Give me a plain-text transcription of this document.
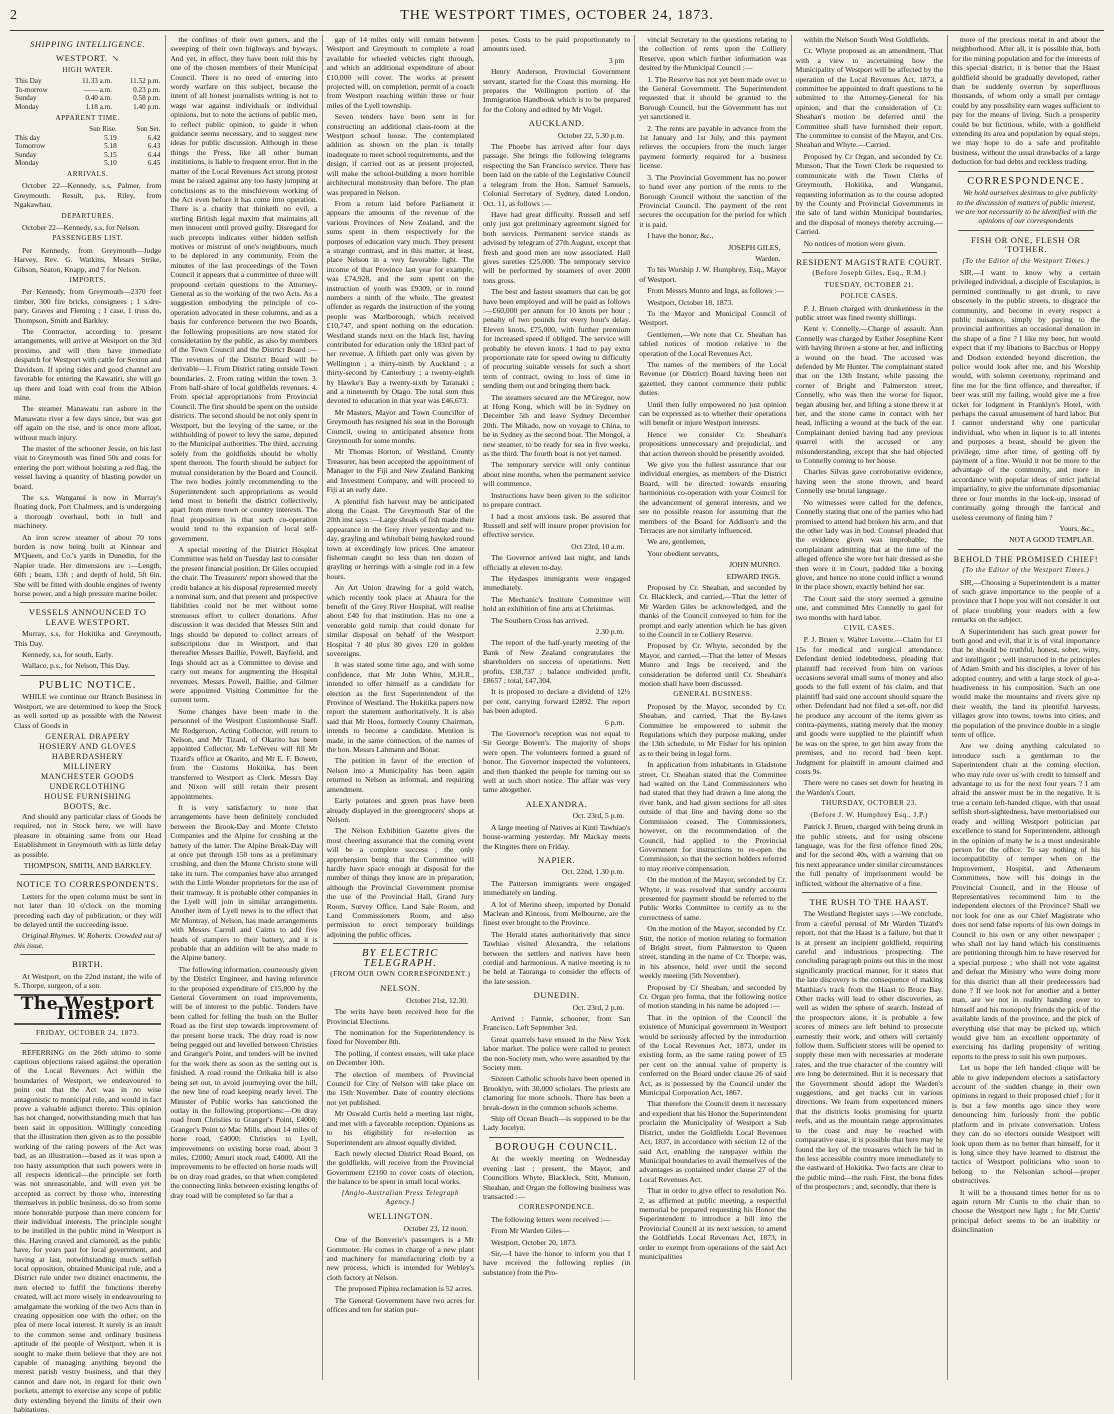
2	THE WESTPORT TIMES, OCTOBER 24, 1873.
SHIPPING INTELLIGENCE.
WESTPORT. ↘
HIGH WATER.
This Day	11.33 a.m.	11.52 p.m.
To-morrow	—— a.m.	0.23 p.m.
Sunday	0.40 a.m.	0.58 p.m.
Monday	1.18 a.m.	1.40 p.m.
APPARENT TIME.
	Sun Rise.	Sun Set.
This day	5.19	6.42
Tomorrow	5.18	6.43
Sunday	5.15	6.44
Monday	5.10	6.45
ARRIVALS.

October 22—Kennedy, s.s, Palmer, from Greymouth. Result, p.s, Riley, from Ngakawhau.

DEPARTURES.

October 22—Kennedy, s.s, for Nelson.

PASSENGERS LIST.

Per Kennedy, from Greymouth—Judge Harvey, Rev. G. Watkins, Messrs Strike, Gibson, Seaton, Knapp, and 7 for Nelson.

IMPORTS.

Per Kennedy, from Greymouth—2370 feet timber, 300 fire bricks, consignees ; 1 s.dre-pary, Graves and Fleming ; 1 case, 1 truss do, Thompson, Smith and Barkley.

The Contractor, according to present arrangements, will arrive at Westport on the 3rd proximo, and will then have immediate despatch for Westport with cattle for Sexton and Davidson. If spring tides and good channel are favorable for entering the Kawatiri, she will go up there and load with coal from the Albion mine.

The steamer Manawatu ran ashore in the Manawatu river a few days since, but was got off again on the rise, and is once more afloat, without much injury.

The master of the schooner Jessie, on his last visit to Greymouth was fined 50s and costs for entering the port without hoisting a red flag, the vessel having a quantity of blasting powder on board.

The s.s. Wanganui is now in Murray's floating dock, Port Chalmers, and is undergoing a thorough overhaul, both in hull and machinery.

An iron screw steamer of about 70 tons burden is now being built at Kinnear and M'Queen, and Co.'s yards in Dunedin, for the Napier trade. Her dimensions are :—Length, 60ft ; beam, 13ft ; and depth of hold, 5ft 6in. She will be fitted with double engines of twenty horse power, and a high pressure marine boiler.

VESSELS ANNOUNCED TO LEAVE WESTPORT.

Murray, s.s, for Hokitika and Greymouth, This Day.

Kennedy, s.s, for south, Early.

Wallace, p.s., for Nelson, This Day.

PUBLIC NOTICE.

WHILE we continue our Branch Business in Westport, we are determined to keep the Stock as well sorted up as possible with the Newest Class of Goods in

GENERAL DRAPERY
HOSIERY AND GLOVES
HABERDASHERY
MILLINERY
MANCHESTER GOODS
UNDERCLOTHING
HOUSE FURNISHING
BOOTS, &c.

And should any particular class of Goods be required, not in Stock here, we will have pleasure in obtaining same from our Head Establishment in Greymouth with as little delay as possible.

THOMPSON, SMITH, AND BARKLEY.
NOTICE TO CORRESPONDENTS.

Letters for the open column must be sent in not later than 10 o'clock on the morning preceding each day of publication, or they will be delayed until the succeeding issue.

Original Rhymes. W. Roberts. Crowded out of this issue.

BIRTH.

At Westport, on the 22nd instant, the wife of S. Thorpe, surgeon, of a son.

The Westport Times.
FRIDAY, OCTOBER 24, 1873.

REFERRING on the 26th ultimo to some captious objections raised against the operation of the Local Revenues Act within the boundaries of Westport, we endeavoured to point out that the Act was in no wise antagonistic to municipal rule, and would in fact prove a valuable adjunct thereto. This opinion has not changed, notwithstanding much that has been said in opposition. Willingly conceding that the illustration then given as to the possible working of the rating powers of the Act was bad, as an illustration—based as it was upon a too hasty assumption that such powers were in all respects identical—the principle set forth was not unreasonable, and will even yet be accepted as correct by those who, interesting themselves in public business, do so from some more honorable purpose than mere concern for their individual interests. The principle sought to be instilled in the public mind in Westport is this. Having craved and clamored, as the public have, for years past for local government, and having at last, notwithstanding much selfish local opposition, obtained Municipal rule, and a District rule under two distinct enactments, the men elected to fulfil the functions thereby created, will act more wisely in endeavouring to amalgamate the working of the two Acts than in creating opposition one with the other, on the plea of mere local interest. It surely is an insult to the common sense and ordinary business aptitude of the people of Westport, when it is sought to make them believe that they are not capable of managing anything beyond the merest parish vestry business, and that they cannot and dare not, in regard for their own pockets, attempt to exercise any scope of public duty extending beyond the limits of their own habitations.

the confines of their own gutters, and the sweeping of their own highways and byways. And yet, in effect, they have been told this by one of the chosen members of their Municipal Council. There is no need of entering into wordy warfare on this subject, because the intent of all honest journalists writing is not to wage war against individuals or individual opinions, but to note the actions of public men, to reflect public opinion, to guide it when guidance seems necessary, and to suggest new ideas for public discussion. Although in these things the Press, like all other human institutions, is liable to frequent error. But in the matter of the Local Revenues Act strong protest must be raised against any too hasty jumping at conclusions as to the mischievous working of the Act even before it has come into operation. There is a charity that thinketh no evil, a sterling British legal maxim that maintains all men innocent until proved guilty. Disregard for such precepts indicates either hidden selfish motives or mistrust of one's neighbours, much to be deplored in any community. From the minutes of the last proceedings of the Town Council it appears that a committee of three will propound certain questions to the Attorney-General as to the working of the two Acts. As a suggestion embodying the principle of co-operation advocated in these columns, and as a basis for conference between the two Boards, the following propositions are now stated for consideration by the public, as also by members of the Town Council and the District Board :—The revenues of the District Board will be derivable—1. From District rating outside Town boundaries. 2. From rating within the town. 3. From half-share of local goldfields revenues. 4. From special appropriations from Provincial Council. The first should be spent on the outside districts. The second should be not only spent in Westport, but the levying of the same, or the withholding of power to levy the same, deputed to the Municipal authorities. The third, accruing solely from the goldfields should be wholly spent thereon. The fourth should be subject for mutual consideration by the Board and Council. The two bodies jointly recommending to the Superintendent such appropriations as would tend most to benefit the district collectively, apart from mere town or country interests. The final proposition is that such co-operation would tend to the expansion of local self-government.

A special meeting of the District Hospital Committee was held on Tuesday last to consider the present financial position. Dr Giles occupied the chair. The Treasurers' report showed that the credit balance at his disposal represented merely a nominal sum, and that present and prospective liabilities could not be met without some strenuous effort to collect donations. After discussion it was decided that Messrs Stitt and Ings should be deputed to collect arrears of subscriptions due in Westport, and that thereafter Messrs Baillie, Powell, Bayfield, and Ings should act as a Committee to devise and carry out means for augmenting the Hospital revenues. Messrs Powell, Baillie, and Gilmer were appointed Visiting Committee for the current term.

Some changes have been made in the personnel of the Westport Customhouse Staff. Mr Rodgerson, Acting Collector, will return to Nelson, and Mr Tizard, of Okarito has been appointed Collector, Mr LeNeveu will fill Mr Tizard's office at Okarito, and Mr E. F. Bowen, from the Customs Hokitika, has been transferred to Westport as Clerk. Messrs Day and Nixon will still retain their present appointments.

It is very satisfactory to note that arrangements have been definitely concluded between the Brook-Day and Monte Christo Companies and the Alpine for crushing at the battery of the latter. The Alpine Break-Day will at once put through 150 tons as a preliminary crushing, and then the Monte Christo stone will take its turn. The companies have also arranged with the Little Wonder proprietors for the use of their tramway. It is probable other companies in the Lyell will join in similar arrangements. Another item of Lyell news is to the effect that Mr Montray, of Nelson, has made arrangements with Messrs Carroll and Cairns to add five heads of stampers to their battery, and it is probable that an addition will be also made to the Alpine battery.

The following information, courteously given by the District Engineer, and having reference to the proposed expenditure of £15,000 by the General Government on road improvements, will be of interest to the public. Tenders have been called for felling the bush on the Buller Road as the first step towards improvement of the present horse track. The dray road is now being pegged out and levelled between Christies and Granger's Point, and tenders will be invited for the work there as soon as the setting out is finished. A road round the Orikaka hill is also being set out, to avoid journeying over the hill, the new line of road keeping nearly level. The Minister of Public works has sanctioned the outlay in the following proportions:—On dray road from Christies to Granger's Point, £4000; Granger's Point to Mac Mills, about 14 miles of horse road, £4000; Christies to Lyell, improvements on existing horse road, about 3 miles, £2000; Amuri stock road, £4000. All the improvements to be effected on horse roads will be on dray road grades, so that when completed the connecting links between existing lengths of dray road will be completed so far that a

gap of 14 miles only will remain between Westport and Greymouth to complete a road available for wheeled vehicles right through, and which an additional expenditure of about £10,000 will cover. The works at present projected will, on completion, permit of a coach from Westport reaching within three or four miles of the Lyell township.

Seven tenders have been sent in for constructing an additional class-room at the Westport school house. The contemplated addition as shown on the plan is totally inadequate to meet school requirements, and the design, if carried out as at present projected, will make the school-building a more horrible architectural monstrosity than before. The plan was prepared in Nelson.

From a return laid before Parliament it appears the amounts of the revenue of the various Provinces of New Zealand, and the sums spent in them respectively for the purposes of education vary much. They present a strange contrast, and in this matter, at least, place Nelson in a very favorable light. The income of that Province last year for example, was £74,928, and the sum spent on the instruction of youth was £9309, or in round numbers a ninth of the whole. The greatest offender as regards the instruction of the young people was Marlborough, which received £10,747, and spent nothing on the education. Westland stands next on the black list, having contributed for education only the 183rd part of her revenue. A fiftieth part only was given by Wellington ; a thirty-ninth by Auckland ; a thirty-second by Canterbury ; a twenty-eighth by Hawke's Bay a twenty-sixth by Taranaki ; and a nineteenth by Otago. The total sum thus devoted to education in that year was £46,673.

Mr Masters, Mayor and Town Councillor of Greymouth has resigned his seat in the Borough Council, owing to anticipated absence from Greymouth for some months.

Mr Thomas Horton, of Westland, County Treasurer, has been accepted the appointment of Manager to the Fiji and New Zealand Banking and Investment Company, and will proceed to Fiji at an early date.

A plentiful fish harvest may be anticipated along the Coast. The Greymouth Star of the 20th inst says :—Large shoals of fish made their appearance in the Grey river yesterday and to-day, grayling and whitebait being hawked round town at exceedingly low prices. One amateur fisherman caught no less than ten dozen of grayling or herrings with a single rod in a few hours.

An Art Union drawing for a gold watch, which recently took place at Ahaura for the benefit of the Grey River Hospital, will realise about £40 for that institution. Has no one a venerable gold turnip that could donate for similar disposal on behalf of the Westport Hospital ? 40 plus 80 gives 120 in golden sovereigns.

It was stated some time ago, and with some confidence, that Mr John White, M.H.R., intended to offer himself as a candidate for election as the first Superintendent of the Province of Westland. The Hokitika papers now report the statement authoritatively. It is also said that Mr Hoos, formerly County Chairman, intends to become a candidate. Mention is made, in the same connection, of the names of the hon. Messrs Lahmann and Bonar.

The petition in favor of the erection of Nelson into a Municipality has been again returned to Nelson as informal, and requiring amendment.

Early potatoes and green peas have been already displayed in the greengrocers' shops at Nelson.

The Nelson Exhibition Gazette gives the most cheering assurance that the coming event will be a complete success ; the only apprehension being that the Committee will hardly have space enough at disposal for the number of things they know are in preparation, although the Provincial Government promise the use of the Provincial Hall, Grand Jury Room, Survey Office, Land Sale Room, and Land Commissioners Room, and also permission to erect temporary buildings adjoining the public offices.

BY ELECTRIC TELEGRAPH.
(FROM OUR OWN CORRESPONDENT.)
NELSON.
October 21st, 12.30.

The writs have been received here for the Provincial Elections.

The nomination for the Superintendency is fixed for November 8th.

The polling, if contest ensues, will take place on December 10th.

The election of members of Provincial Council for City of Nelson will take place on the 15th November. Date of country elections not yet published.

Mr Oswald Curtis held a meeting last night, and met with a favorable reception. Opinions as to his eligibility for re-election as Superintendent are almost equally divided.

Each newly elected District Road Board, on the goldfields, will receive from the Provincial Government £2100 to cover costs of election, the balance to be spent in small local works.

[Anglo-Australian Press Telegraph Agency.]
WELLINGTON.
October 23, 12 noon.

One of the Bonverie's passengers is a Mr Gommoter. He comes in charge of a new plant and machinery for manufacturing cloth by a new process, which is intended for Webley's cloth factory at Nelson.

The proposed Pipitea reclamation is 52 acres.

The General Government have two acres for offices and ten for station pur-

poses. Costs to be paid proportionately to amounts used.

3 pm

Henry Anderson, Provincial Government servant, started for the Coast this morning. He prepares the Wellington portion of the Immigration Handbook which is to be prepared for the Colony and edited by Mr Vogel.

AUCKLAND.
October 22, 5.30 p.m.

The Phoebe has arrived after four days passage. She brings the following telegrams respecting the San Francisco service. There has been laid on the table of the Legislative Council a telegram from the Hon. Samuel Samuels, Colonial Secretary of Sydney, dated London, Oct. 11, as follows :—

Have had great difficulty. Russell and self only just got preliminary agreement signed for both services. Permanent service stands as advised by telegram of 27th August, except that fresh and good men are now associated. Hall gives sureties £25,000. The temporary service will be performed by steamers of over 2000 tons gross.

The best and fastest steamers that can be got have been employed and will be paid as follows :—£60,000 per annum for 10 knots per hour ; penalty of two pounds for every hour's delay. Eleven knots, £75,000, with further premium for increased speed if obliged. The service will probably be eleven knots. I had to pay extra proportionate rate for speed owing to difficulty of procuring suitable vessels for such a short term of contract, owing to loss of time in sending them out and bringing them back.

The steamers secured are the M'Gregor, now at Hong Kong, which will be in Sydney on December 5th and leave Sydney December 20th. The Mikado, now on voyage to China, to be in Sydney as the second boat. The Mongol, a new steamer, to be ready for sea in five weeks, as the third. The fourth boat is not yet named.

The temporary service will only continue about nine months, when the permanent service will commence.

Instructions have been given to the solicitor to prepare contract.

I had a most anxious task. Be assured that Russell and self will insure proper provision for effective service.

Oct 23rd, 10 a.m.

The Governor arrived last night, and lands officially at eleven to-day.

The Hydaspes immigrants were engaged immediately.

The Mechanic's Institute Committee will hold an exhibition of fine arts at Christmas.

The Southern Cross has arrived.

2.30 p.m.

The report of the half-yearly meeting of the Bank of New Zealand congratulates the shareholders on success of operations. Nett profits, £38,737 ; balance undivided profit, £8657 ; total, £47,304.

It is proposed to declare a dividend of 12½ per cent, carrying forward £2892. The report has been adopted.

6 p.m.

The Governor's reception was not equal to Sir George Bowen's. The majority of shops were open. The volunteers formed a guard of honor. The Governor inspected the volunteers, and then thanked the people for turning out so well at such short notice. The affair was very tame altogether.

ALEXANDRA.
Oct. 23rd, 5 p.m.

A large meeting of Natives at Kinti Tawhiao's house-warming yesterday. Mr Mackay meets the Kingites there on Friday.

NAPIER.
Oct. 22nd, 1.30 p.m.

The Patterson immigrants were engaged immediately on landing.

A lot of Merino sheep, imported by Donald Maclean and Kinross, from Melbourne, are the finest ever brought to the Province.

The Herald states authoritatively that since Tawhiao visited Alexandra, the relations between the settlers and natives have been cordial and harmonious. A native meeting is to be held at Tauranga to consider the effects of the late session.

DUNEDIN.
Oct. 23rd, 2 p.m.

Arrived : Fannie, schooner, from San Francisco. Left September 3rd.

Great quarrels have ensued in the New York labor market. The police were called to protect the non-Society men, who were assaulted by the Society men.

Sixteen Catholic schools have been opened in Brooklyn, with 30,000 scholars. The priests are clamoring for more schools. There has been a break-down in the common schools scheme.

Ship off Ocean Beach—is supposed to be the Lady Jocelyn.

BOROUGH COUNCIL.

At the weekly meeting on Wednesday evening last ; present, the Mayor, and Councillors Whyte, Blackleck, Stitt, Munson, Sheahan, and Organ the following business was transacted :—

CORRESPONDENCE.

The following letters were received :—

From Mr Warden Giles—

Westport, October 20, 1873.

Sir,—I have the honor to inform you that I have received the following replies (in substance) from the Pro-

vincial Secretary to the questions relating to the collection of rents upon the Colliery Reserve, upon which further information was desired by the Municipal Council :—

1. The Reserve has not yet been made over to the General Government. The Superintendent requested that it should be granted to the Borough Council, but the Government has not yet sanctioned it.

2. The rents are payable in advance from the 1st January and 1st July, and this payment relieves the occupiers from the much larger payment formerly required for a business license.

3. The Provincial Government has no power to hand over any portion of the rents to the Borough Council without the sanction of the Provincial Council. The payment of the rent secures the occupation for the period for which it is paid.

I have the honor, &c.,

JOSEPH GILES,
Warden.

To his Worship J. W. Humphrey, Esq., Mayor of Westport.

From Messrs Munro and Ings, as follows :—

Westport, October 18, 1873.

To the Mayor and Municipal Council of Westport.

Gentlemen,—We note that Cr. Sheahan has tabled notices of motion relative to the operation of the Local Revenues Act.

The names of the members of the Local Revenue (or District) Board having been not gazetted, they cannot commence their public duties.

Until then fully empowered no just opinion can be expressed as to whether their operations will benefit or injure Westport interests.

Hence we consider Cr. Sheahan's propositions unnecessary and prejudicial, and that action thereon should be presently avoided.

We give you the fullest assurance that our individual energies, as members of the District Board, will be directed towards ensuring harmonious co-operation with your Council for the advancement of general interests, and we see no possible reason for assuming that the members of the Board for Addison's and the Terraces are not similarly influenced.

We are, gentlemen,

Your obedient servants,

JOHN MUNRO.
EDWARD INGS.

Proposed by Cr. Sheahan, and seconded by Cr. Blackleck, and carried,—That the letter of Mr Warden Giles be acknowledged, and the thanks of the Council conveyed to him for the prompt and early attention which he has given to the Council in re Colliery Reserve.

Proposed by Cr. Whyte, seconded by the Mayor, and carried,—That the letter of Messrs Munro and Ings be received, and the consideration be deferred until Cr. Sheahan's motion shall have been discussed.

GENERAL BUSINESS.

Proposed by the Mayor, seconded by Cr. Sheahan, and carried, That the By-laws Committee be empowered to submit the Regulations which they purpose making, under the 13th schedule, to Mr Fisher for his opinion as to their being in legal form.

In application from inhabitants in Gladstone street, Cr. Sheahan stated that the Committee had waited on the Land Commissioners who had stated that they had drawn a line along the river bank, and had given sections for all sites outside of that line and having done so the Commission ceased. The Commissioners, however, on the recommendation of the Council, had applied to the Provincial Government for instructions to re-open the Commission, so that the section holders referred to may receive compensation.

On the motion of the Mayor, seconded by Cr. Whyte, it was resolved that sundry accounts presented for payment should be referred to the Public Works Committee to certify as to the correctness of same.

On the motion of the Mayor, seconded by Cr. Stitt, the notice of motion relating to formation of Bright street, from Palmerston to Queen street, standing in the name of Cr. Thorpe, was, in his absence, held over until the second weekly meeting (5th November).

Proposed by Cr Sheahan, and seconded by Cr. Organ pro forma, that the following notice of motion standing in his name be adopted :—

That in the opinion of the Council the existence of Municipal government in Westport would be seriously affected by the introduction of the Local Revenues Act, 1873, under its existing form, as the same rating power of £5 per cent on the annual value of property is conferred on the Board under clause 26 of said Act, as is possessed by the Council under the Municipal Corporation Act, 1867.

That therefore the Council deem it necessary and expedient that his Honor the Superintendent proclaim the Municipality of Westport a Sub District, under the Goldfields Local Revenues Act, 1837, in accordance with section 12 of the said Act, enabling the ratepayer within the Municipal boundaries to avail themselves of the advantages as contained under clause 27 of the Local Revenues Act.

That in order to give effect to resolution No. 2, as affirmed at public meeting, a respectful memorial be prepared requesting his Honor the Superintendent to introduce a bill into the Provincial Council at its next session, to amend the Goldfields Local Revenues Act, 1873, in order to exempt from operations of the said Act municipalities

within the Nelson South West Goldfields.

Cr. Whyte proposed as an amendment, That with a view to ascertaining how the Municipality of Westport will be affected by the operation of the Local Revenues Act, 1873, a committee be appointed to draft questions to be submitted to the Attorney-General for his opinion, and that the consideration of Cr. Sheahan's motion be deferred until the Committee shall have furnished their report. The committee to consist of the Mayor, and Crs. Sheahan and Whyte.—Carried.

Proposed by Cr Organ, and seconded by Cr. Munson, That the Town Clerk be requested to communicate with the Town Clerks of Greymouth, Hokitika, and Wanganui, requesting information as to the course adopted by the County and Provincial Governments in the sale of land within Municipal boundaries, and the disposal of moneys thereby accruing.—Carried.

No notices of motion were given.

RESIDENT MAGISTRATE COURT.
(Before Joseph Giles, Esq., R.M.)
TUESDAY, OCTOBER 21.
POLICE CASES.

P. J. Bruen charged with drunkenness in the public street was fined twenty shillings.

Kent v. Connelly.—Charge of assault. Ann Connelly was charged by Esther Josephine Kent with having thrown a stone at her, and inflicting a wound on the head. The accused was defended by Mr Hunter. The complainant stated that on the 13th Instant, while passing the corner of Bright and Palmerston street, Connelly, who was then the worse for liquor, began abusing her, and lifting a stone threw it at her, and the stone came in contact with her head, inflicting a wound at the back of the ear. Complainant denied having had any previous quarrel with the accused or any misunderstanding, except that she had objected to Connelly coming to her house.

Charles Silvas gave corroborative evidence, having seen the stone thrown, and heard Connelly use brutal language.

No witnesses were called for the defence, Connelly stating that one of the parties who had promised to attend had broken his arm, and that the other lady was in bed. Counsel pleaded that the evidence given was improbable, the complainant admitting that at the time of the alleged offence she wore her hair dressed as she then wore it in Court, padded like a boxing glove, and hence no stone could inflict a wound in the place shown, exactly behind her ear.

The Court said the story seemed a genuine one, and committed Mrs Connelly to gaol for two months with hard labor.

CIVIL CASES.

P. J. Bruen v. Walter Lovette.—Claim for £1 15s for medical and surgical attendance. Defendant denied indebtedness, pleading that plaintiff had received from him on various occasions several small sums of money and also goods to the full extent of his claim, and that plaintiff had said one account should square the other. Defendant had not filed a set-off, nor did he produce any account of the items given as contra-payments, stating merely that the money and goods were supplied to the plaintiff when he was on the spree, to get him away from the premises, and no record had been kept. Judgment for plaintiff in amount claimed and costs 9s.

There were no cases set down for hearing in the Warden's Court.

THURSDAY, OCTOBER 23.
(Before J. W. Humphrey Esq., J.P.)

Patrick J. Bruen, charged with being drunk in the public streets, and for using obscene language, was for the first offence fined 20s, and for the second 40s, with a warning that on his next appearance under similar circumstances the full penalty of imprisonment would be inflicted, without the alternative of a fine.

THE RUSH TO THE HAAST.

The Westland Register says :—We conclude, from a careful perusal of Mr Warden Tizard's report, not that the Haast is a failure, but that it is at present an incipient goldfield, requiring careful and industrious prospecting. The concluding paragraph points out this in the most significantly practical manner, for it states that the late discovery is the consequence of making Matthias's track from the Haast to Bruce Bay. Other tracks will lead to other discoveries, as well as widen the sphere of search. Instead of the prospectors alone, it is probable a few scores of miners are left behind to prosecute earnestly their work, and others will certainly follow them. Sufficient stores will be opened to supply these men with necessaries at moderate rates, and the true character of the country will ere long be determined. But it is necessary that the Government should adopt the Warden's suggestions, and get tracks cut in various directions. We learn from experienced miners that the districts looks promising for quartz reefs, and as the mountain range approximates to the coast and may be reached with comparative ease, it is possible that here may be found the key of the treasures which lie hid in the less accessible country more immediately to the eastward of Hokitika. Two facts are clear to the public mind—the rush. First, the bona fides of the prospectors ; and, secondly, that there is

more of the precious metal in and about the neighborhood. After all, it is possible that, both for the mining population and for the interests of this special district, it is better that the Haast goldfield should be gradually developed, rather than be suddenly overrun by superfluous thousands, of whom only a small per centage could by any possibility earn wages sufficient to pay for the means of living. Such a prosperity could be but fictitious, while, with a goldfield extending its area and population by equal steps, we may hope to do a safe and profitable business, without the usual drawbacks of a large deduction for bad debts and reckless trading.

CORRESPONDENCE.

We hold ourselves desirous to give publicity to the discussion of matters of public interest, we are not necessarily to be identified with the opinions of our correspondents

FISH OR ONE, FLESH OR 'TOTHER.
(To the Editor of the Westport Times.)

SIR,—I want to know why a certain privileged individual, a disciple of Esculapius, is permitted continually to get drunk, to rave obscenely in the public streets, to disgrace the community, and become in every respect a public nuisance, simply by paying to the provincial authorities an occasional donation in the shape of a fine ? I like my beer, but would expect that if my libations to Bacchus or Hoppy and Dodson extended beyond discretion, the police would look after me, and his Worship would, with solemn ceremony, reprimand and fine me for the first offence, and thereafter, if beer was still my failing, would give me a free ticket for lodgment in Franklyn's Hotel, with perhaps the casual amusement of hard labor. But I cannot understand why one particular individual, who when in liquor is to all intents and purposes a beast, should be given the privilege, time after time, of getting off by payment of a fine. Would it not be more to the advantage of the community, and more in accordance with popular ideas of strict judicial impartiality, to give the unfortunate dipsomaniac three or four months in the lock-up, instead of continually going through the farcical and useless ceremony of fining him ?

Yours, &c.,
NOT A GOOD TEMPLAR.
BEHOLD THE PROMISED CHIEF!
(To the Editor of the Westport Times.)

SIR,—Choosing a Superintendent is a matter of such grave importance to the people of a province that I hope you will not consider it out of place troubling your readers with a few remarks on the subject.

A Superintendent has such great power for both good and evil, that it is of vital importance that he should be truthful, honest, sober, witty, and intelligent ; well instructed in the principles of Adam Smith and his disciples, a lover of his adopted country, and with a large stock of go-a-headiveness in his composition. Such an one would make the mountains and rivers give up their wealth, the land its plentiful harvests, villages grow into towns, towns into cities, and the population of the province double in a single term of office.

Are we doing anything calculated to introduce such a gentleman to the Superintendent chair at the coming election, who may rule over us with credit to himself and advantage to us for the next four years ? I am afraid the answer must be in the negative. It is true a certain left-handed clique, with that usual selfish short-sightedness, have memorialised our ready and willing Westport politician par excellence to stand for Superintendent, although in the opinion of many he is a most undesirable person for the office. To say nothing of his incompatibility of temper when on the Improvement, Hospital, and Athenæum Committees, how will his doings in the Provincial Council, and in the House of Representatives recommend him to the independent electors of the Province? Shall we not look for one as our Chief Magistrate who does not send false reports of his own doings in Council to his own or any other newspaper ; who shall not lay hand which his constituents are petitioning through him to have reserved for a special purpose ; who shall not vote against and defeat the Ministry who were doing more for this district than all their predecessors had done ? If we look not for another and a better man, are we not in reality handing over to himself and his monopoly friends the pick of the available lands of the province, and the pick of everything else that may be picked up, which would give him an excellent opportunity of exercising his darling propensity of writing reports to the press to suit his own purposes.

Let us hope the left handed clique will be able to give independent electors a satisfactory account of the sudden change in their own opinions in regard to their proposed chief ; for it is but a few months ago since they were denouncing him furiously from the public platform and in private conversation. Unless they can do so electors outside Westport will look upon them as no better than himself, for it is long since they have learned to distrust the tactics of Westport politicians who soon to belong to the Nelsonian school—proper obstructives.

It will be a thousand times better for us to again return Mr Curtis to the chair than to choose the Westport new light ; for Mr Curtis' principal defect seems to be an inability or disinclination
